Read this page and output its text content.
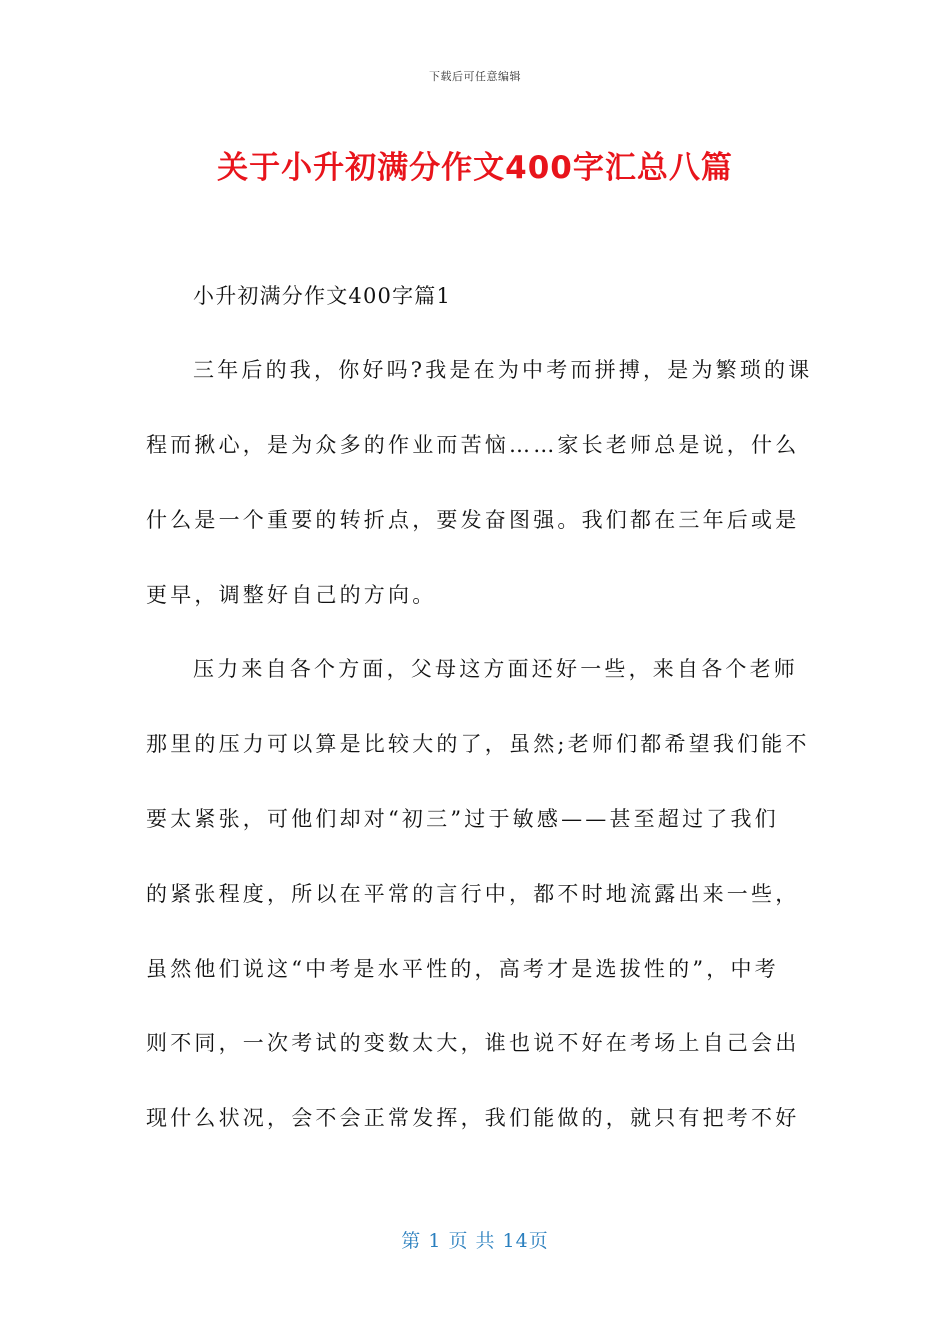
下载后可任意编辑
关于小升初满分作文400字汇总八篇
小升初满分作文400字篇1
三年后的我，你好吗?我是在为中考而拼搏，是为繁琐的课
程而揪心，是为众多的作业而苦恼……家长老师总是说，什么
什么是一个重要的转折点，要发奋图强。我们都在三年后或是
更早，调整好自己的方向。
压力来自各个方面，父母这方面还好一些，来自各个老师
那里的压力可以算是比较大的了，虽然;老师们都希望我们能不
要太紧张，可他们却对“初三”过于敏感——甚至超过了我们
的紧张程度，所以在平常的言行中，都不时地流露出来一些，
虽然他们说这“中考是水平性的，高考才是选拔性的”，中考
则不同，一次考试的变数太大，谁也说不好在考场上自己会出
现什么状况，会不会正常发挥，我们能做的，就只有把考不好
第 1 页 共 14页
